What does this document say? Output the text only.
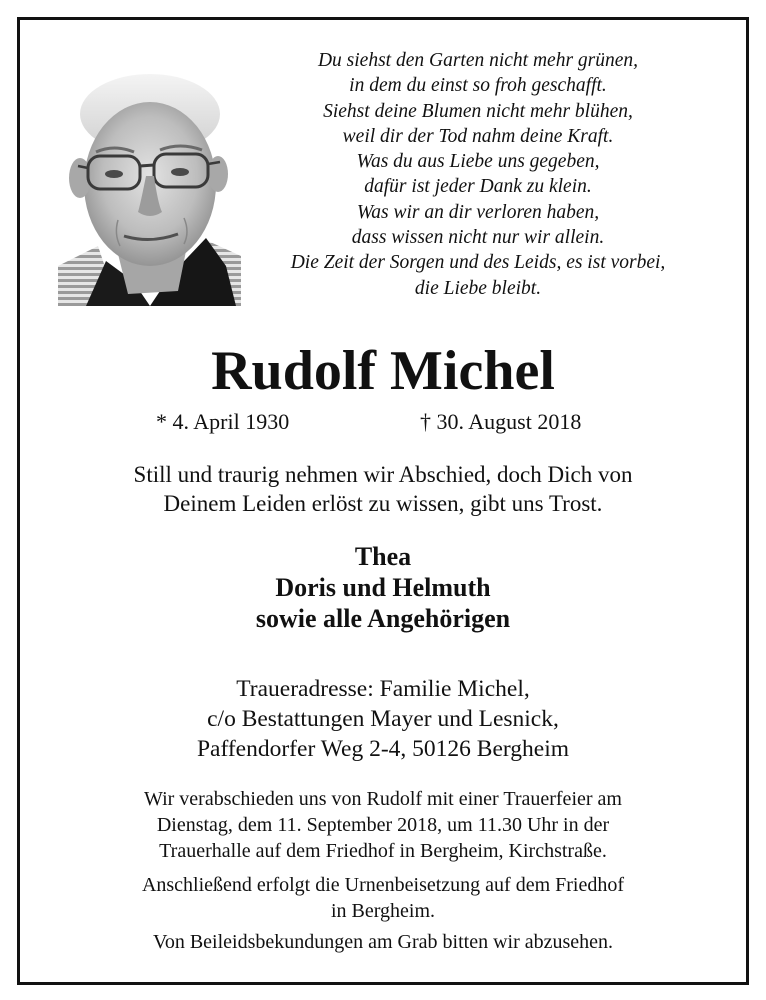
Du siehst den Garten nicht mehr grünen,
in dem du einst so froh geschafft.
Siehst deine Blumen nicht mehr blühen,
weil dir der Tod nahm deine Kraft.
Was du aus Liebe uns gegeben,
dafür ist jeder Dank zu klein.
Was wir an dir verloren haben,
dass wissen nicht nur wir allein.
Die Zeit der Sorgen und des Leids, es ist vorbei,
die Liebe bleibt.
Rudolf Michel
* 4. April 1930	† 30. August 2018
Still und traurig nehmen wir Abschied, doch Dich von
Deinem Leiden erlöst zu wissen, gibt uns Trost.
Thea
Doris und Helmuth
sowie alle Angehörigen
Traueradresse: Familie Michel,
c/o Bestattungen Mayer und Lesnick,
Paffendorfer Weg 2-4, 50126 Bergheim
Wir verabschieden uns von Rudolf mit einer Trauerfeier am
Dienstag, dem 11. September 2018, um 11.30 Uhr in der
Trauerhalle auf dem Friedhof in Bergheim, Kirchstraße.
Anschließend erfolgt die Urnenbeisetzung auf dem Friedhof
in Bergheim.
Von Beileidsbekundungen am Grab bitten wir abzusehen.
